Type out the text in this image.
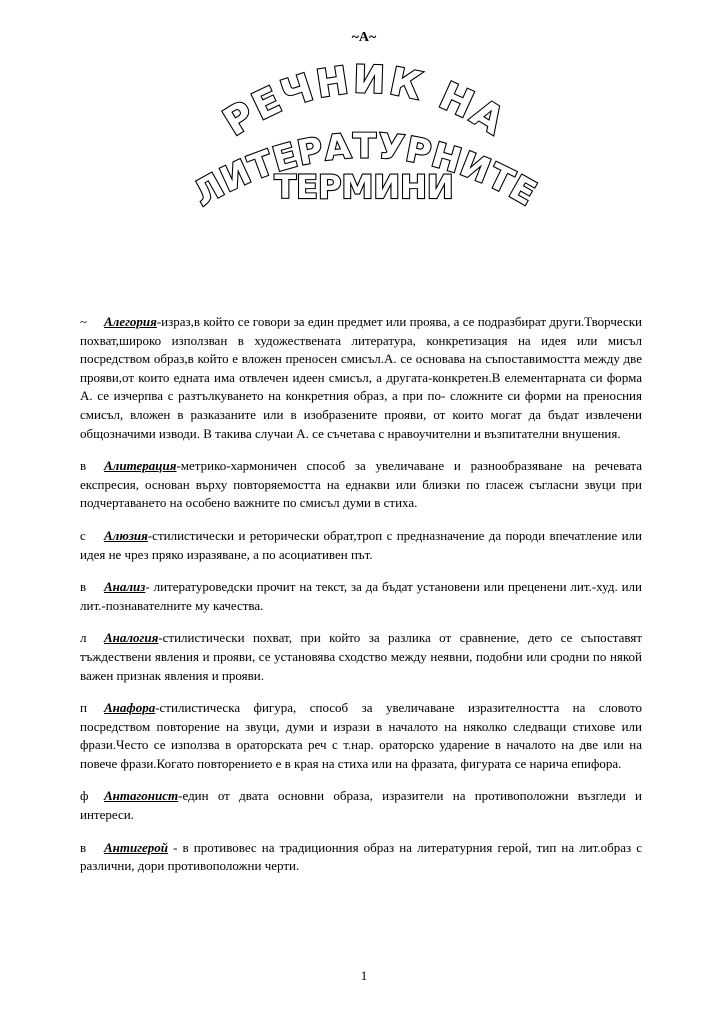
~A~
РЕЧНИК НА
ЛИТЕРАТУРНИТЕ
ТЕРМИНИ

~ Алегория-израз,в който се говори за един предмет или проява, а се подразбират други.Творчески похват,широко използван в художествената литература, конкретизация на идея или мисъл посредством образ,в който е вложен преносен смисъл.А. се основава на съпоставимостта между две прояви,от които едната има отвлечен идеен смисъл, а другата-конкретен.В елементарната си форма А. се изчерпва с разтълкуването на конкретния образ, а при по- сложните си форми на преносния смисъл, вложен в разказаните или в изобразените прояви, от които могат да бъдат извлечени общозначими изводи. В такива случаи А. се съчетава с нравоучителни и възпитателни внушения.

в Алитерация-метрико-хармоничен способ за увеличаване и разнообразяване на речевата експресия, основан върху повторяемостта на еднакви или близки по гласеж съгласни звуци при подчертаването на особено важните по смисъл думи в стиха.

с Алюзия-стилистически и реторически обрат,троп с предназначение да породи впечатление или идея не чрез пряко изразяване, а по асоциативен път.

в Анализ- литературоведски прочит на текст, за да бъдат установени или преценени лит.-худ. или лит.-познавателните му качества.

л Аналогия-стилистически похват, при който за разлика от сравнение, дето се съпоставят тъждествени явления и прояви, се установява сходство между неявни, подобни или сродни по някой важен признак явления и прояви.

п Анафора-стилистическа фигура, способ за увеличаване изразителността на словото посредством повторение на звуци, думи и изрази в началото на няколко следващи стихове или фрази.Често се използва в ораторската реч с т.нар. ораторско ударение в началото на две или на повече фрази.Когато повторението е в края на стиха или на фразата, фигурата се нарича епифора.

ф Антагонист-един от двата основни образа, изразители на противоположни възгледи и интереси.

в Антигерой - в противовес на традиционния образ на литературния герой, тип на лит.образ с различни, дори противоположни черти.

1
